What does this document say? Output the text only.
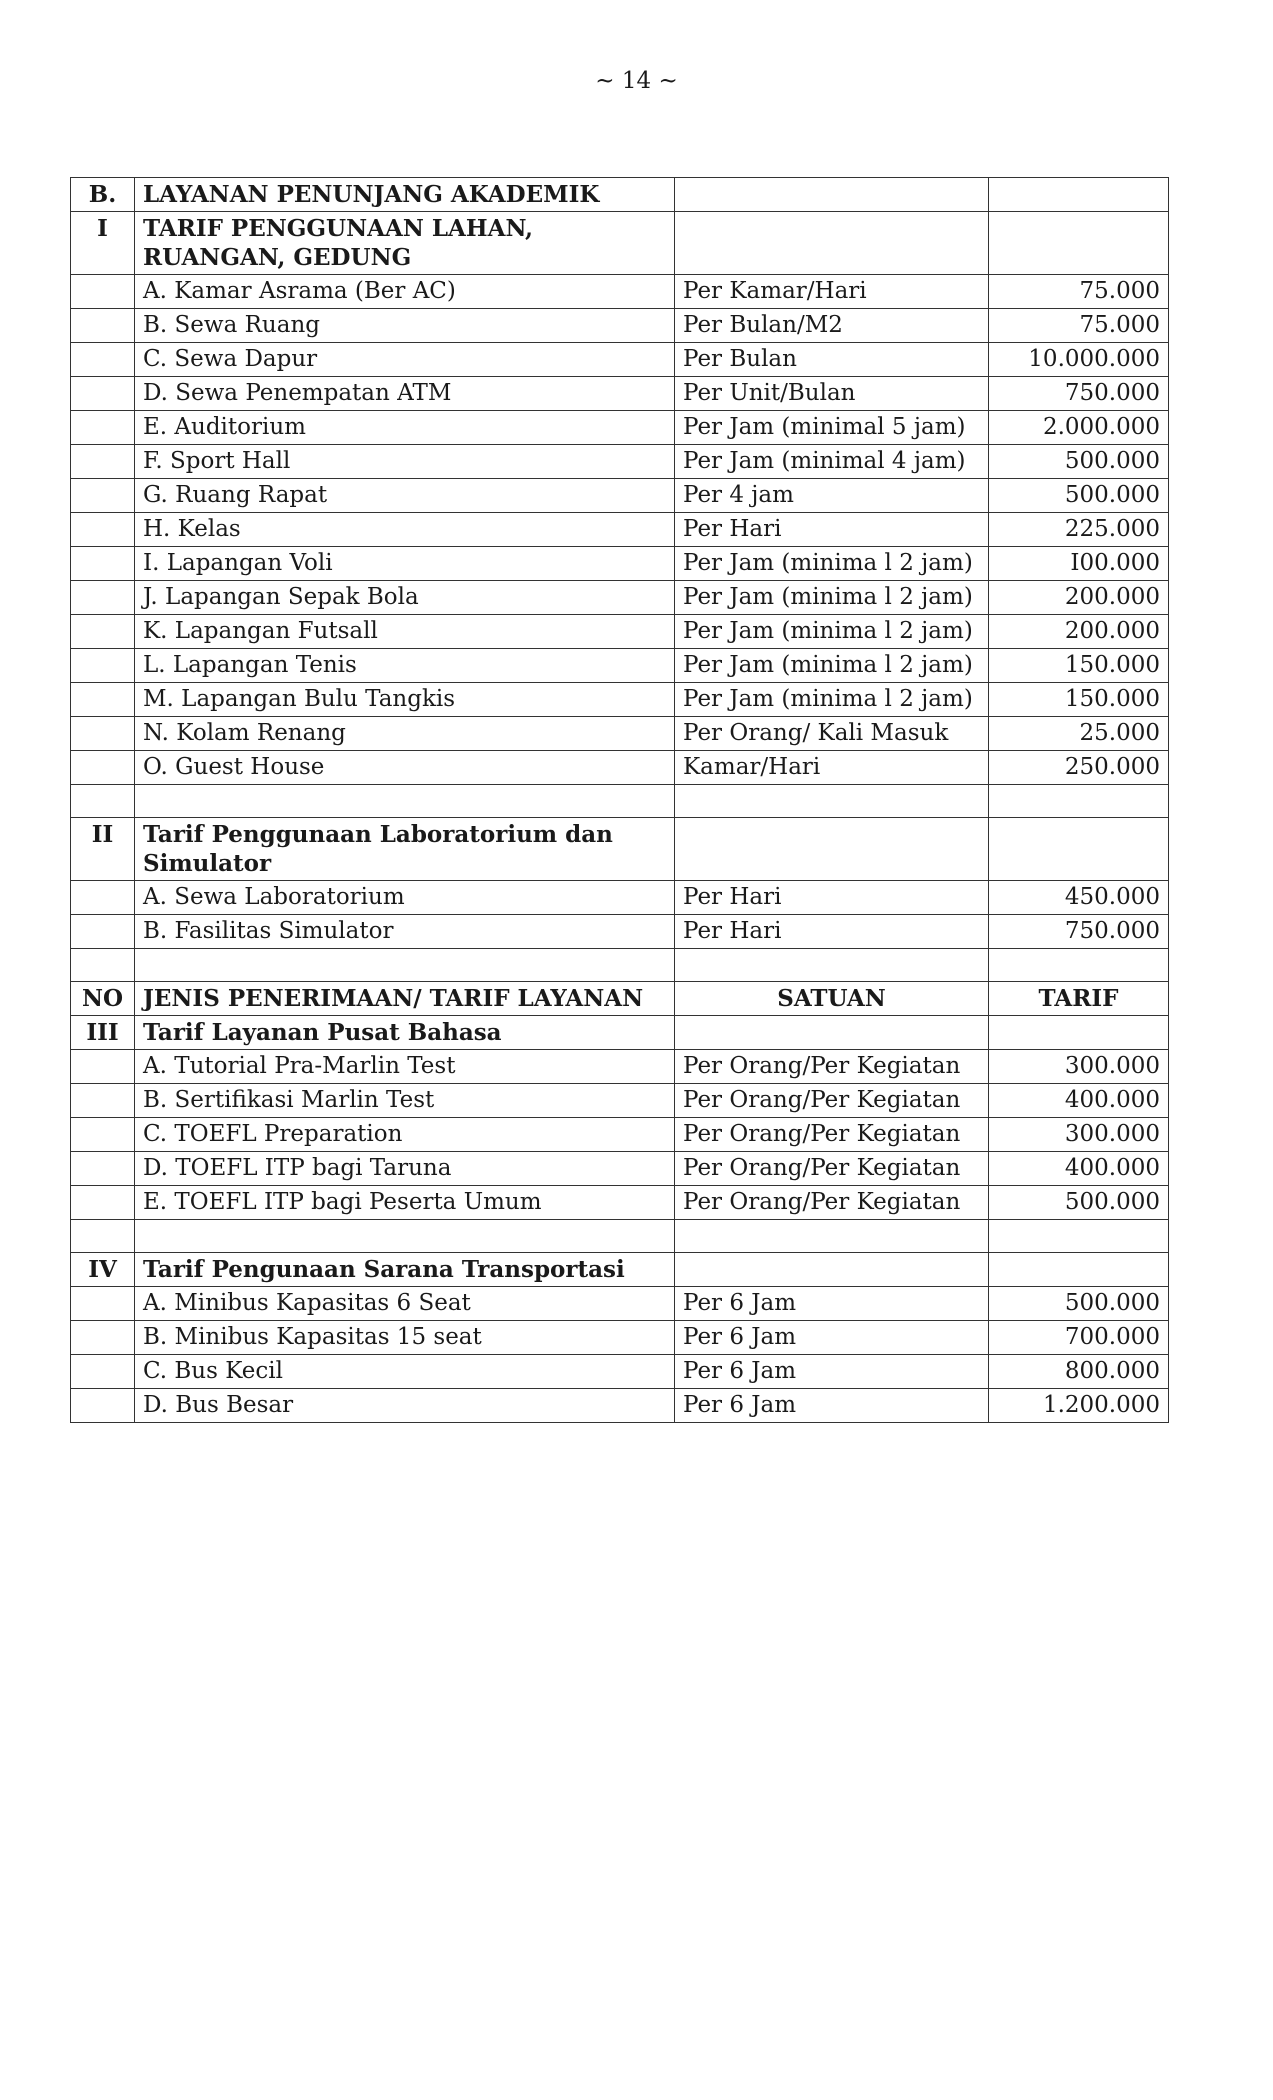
~ 14 ~
B.	LAYANAN PENUNJANG AKADEMIK		
I	TARIF PENGGUNAAN LAHAN, RUANGAN, GEDUNG		
	A. Kamar Asrama (Ber AC)	Per Kamar/Hari	75.000
	B. Sewa Ruang	Per Bulan/M2	75.000
	C. Sewa Dapur	Per Bulan	10.000.000
	D. Sewa Penempatan ATM	Per Unit/Bulan	750.000
	E. Auditorium	Per Jam (minimal 5 jam)	2.000.000
	F. Sport Hall	Per Jam (minimal 4 jam)	500.000
	G. Ruang Rapat	Per 4 jam	500.000
	H. Kelas	Per Hari	225.000
	I. Lapangan Voli	Per Jam (minima l 2 jam)	I00.000
	J. Lapangan Sepak Bola	Per Jam (minima l 2 jam)	200.000
	K. Lapangan Futsall	Per Jam (minima l 2 jam)	200.000
	L. Lapangan Tenis	Per Jam (minima l 2 jam)	150.000
	M. Lapangan Bulu Tangkis	Per Jam (minima l 2 jam)	150.000
	N. Kolam Renang	Per Orang/ Kali Masuk	25.000
	O. Guest House	Kamar/Hari	250.000

II	Tarif Penggunaan Laboratorium dan Simulator		
	A. Sewa Laboratorium	Per Hari	450.000
	B. Fasilitas Simulator	Per Hari	750.000

NO	JENIS PENERIMAAN/ TARIF LAYANAN	SATUAN	TARIF
III	Tarif Layanan Pusat Bahasa		
	A. Tutorial Pra-Marlin Test	Per Orang/Per Kegiatan	300.000
	B. Sertifikasi Marlin Test	Per Orang/Per Kegiatan	400.000
	C. TOEFL Preparation	Per Orang/Per Kegiatan	300.000
	D. TOEFL ITP bagi Taruna	Per Orang/Per Kegiatan	400.000
	E. TOEFL ITP bagi Peserta Umum	Per Orang/Per Kegiatan	500.000

IV	Tarif Pengunaan Sarana Transportasi		
	A. Minibus Kapasitas 6 Seat	Per 6 Jam	500.000
	B. Minibus Kapasitas 15 seat	Per 6 Jam	700.000
	C. Bus Kecil	Per 6 Jam	800.000
	D. Bus Besar	Per 6 Jam	1.200.000
